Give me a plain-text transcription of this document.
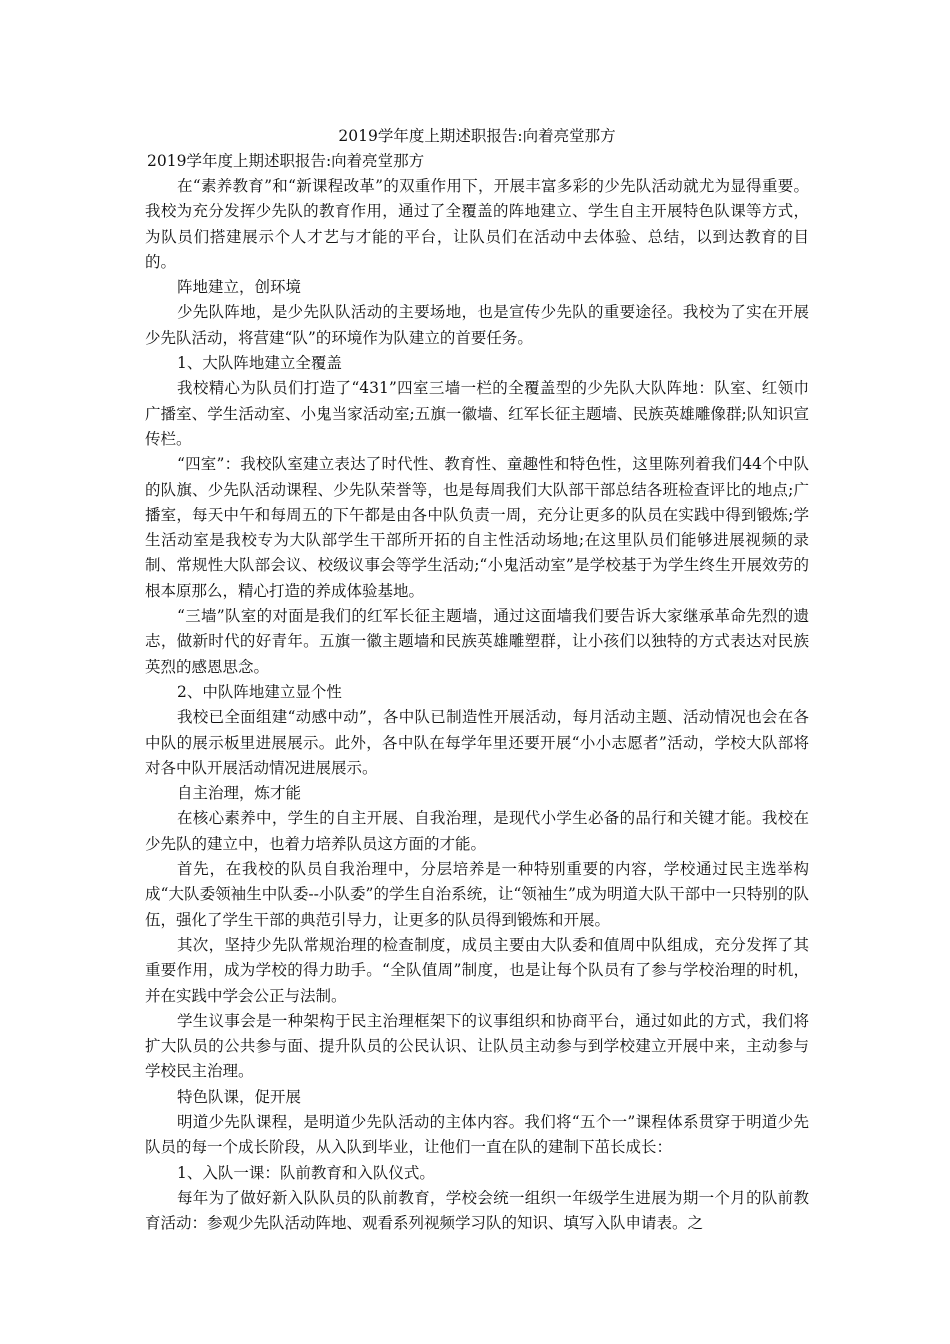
2019学年度上期述职报告:向着亮堂那方
2019学年度上期述职报告:向着亮堂那方

在“素养教育”和“新课程改革”的双重作用下，开展丰富多彩的少先队活动就尤为显得重要。我校为充分发挥少先队的教育作用，通过了全覆盖的阵地建立、学生自主开展特色队课等方式，为队员们搭建展示个人才艺与才能的平台，让队员们在活动中去体验、总结，以到达教育的目的。

阵地建立，创环境

少先队阵地，是少先队队活动的主要场地，也是宣传少先队的重要途径。我校为了实在开展少先队活动，将营建“队”的环境作为队建立的首要任务。

1、大队阵地建立全覆盖

我校精心为队员们打造了“431”四室三墙一栏的全覆盖型的少先队大队阵地：队室、红领巾广播室、学生活动室、小鬼当家活动室;五旗一徽墙、红军长征主题墙、民族英雄雕像群;队知识宣传栏。

“四室”：我校队室建立表达了时代性、教育性、童趣性和特色性，这里陈列着我们44个中队的队旗、少先队活动课程、少先队荣誉等，也是每周我们大队部干部总结各班检查评比的地点;广播室，每天中午和每周五的下午都是由各中队负责一周，充分让更多的队员在实践中得到锻炼;学生活动室是我校专为大队部学生干部所开拓的自主性活动场地;在这里队员们能够进展视频的录制、常规性大队部会议、校级议事会等学生活动;“小鬼活动室”是学校基于为学生终生开展效劳的根本原那么，精心打造的养成体验基地。

“三墙”队室的对面是我们的红军长征主题墙，通过这面墙我们要告诉大家继承革命先烈的遗志，做新时代的好青年。五旗一徽主题墙和民族英雄雕塑群，让小孩们以独特的方式表达对民族英烈的感恩思念。

2、中队阵地建立显个性

我校已全面组建“动感中动”，各中队已制造性开展活动，每月活动主题、活动情况也会在各中队的展示板里进展展示。此外，各中队在每学年里还要开展“小小志愿者”活动，学校大队部将对各中队开展活动情况进展展示。

自主治理，炼才能

在核心素养中，学生的自主开展、自我治理，是现代小学生必备的品行和关键才能。我校在少先队的建立中，也着力培养队员这方面的才能。

首先，在我校的队员自我治理中，分层培养是一种特别重要的内容，学校通过民主选举构成“大队委领袖生中队委--小队委”的学生自治系统，让“领袖生”成为明道大队干部中一只特别的队伍，强化了学生干部的典范引导力，让更多的队员得到锻炼和开展。

其次，坚持少先队常规治理的检查制度，成员主要由大队委和值周中队组成，充分发挥了其重要作用，成为学校的得力助手。“全队值周”制度，也是让每个队员有了参与学校治理的时机，并在实践中学会公正与法制。

学生议事会是一种架构于民主治理框架下的议事组织和协商平台，通过如此的方式，我们将扩大队员的公共参与面、提升队员的公民认识、让队员主动参与到学校建立开展中来，主动参与学校民主治理。

特色队课，促开展

明道少先队课程，是明道少先队活动的主体内容。我们将“五个一”课程体系贯穿于明道少先队员的每一个成长阶段，从入队到毕业，让他们一直在队的建制下茁长成长：

1、入队一课：队前教育和入队仪式。

每年为了做好新入队队员的队前教育，学校会统一组织一年级学生进展为期一个月的队前教育活动：参观少先队活动阵地、观看系列视频学习队的知识、填写入队申请表。之
